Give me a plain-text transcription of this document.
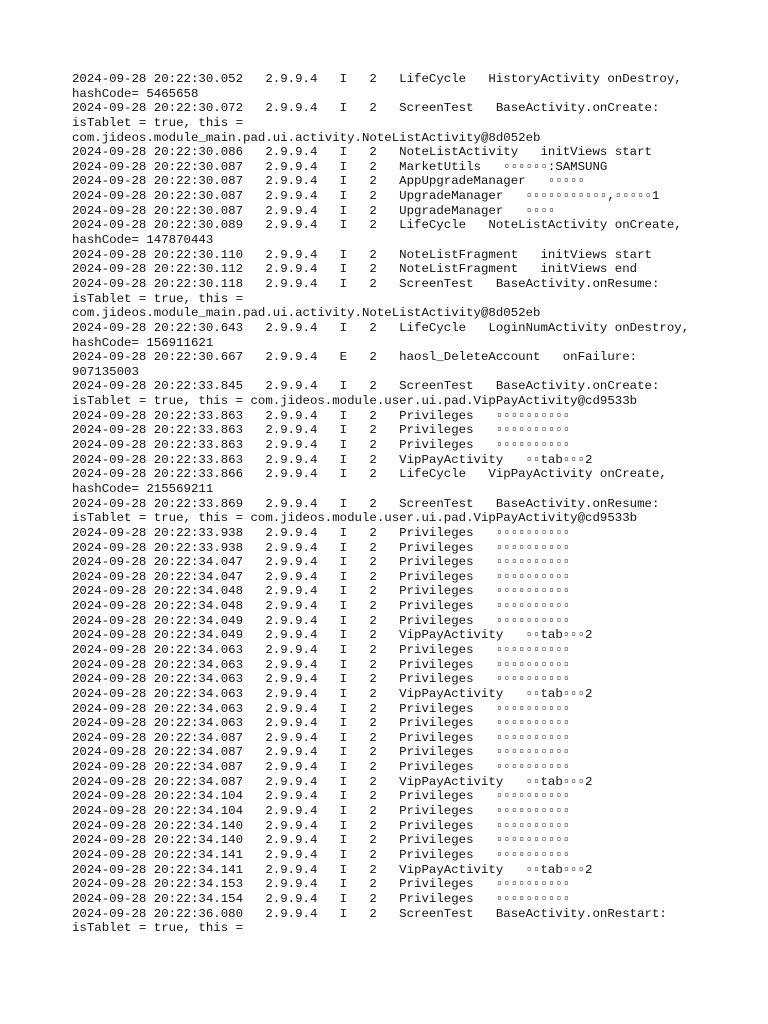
2024-09-28 20:22:30.052   2.9.9.4   I   2   LifeCycle   HistoryActivity onDestroy,
hashCode= 5465658
2024-09-28 20:22:30.072   2.9.9.4   I   2   ScreenTest   BaseActivity.onCreate:
isTablet = true, this =
com.jideos.module_main.pad.ui.activity.NoteListActivity@8d052eb
2024-09-28 20:22:30.086   2.9.9.4   I   2   NoteListActivity   initViews start
2024-09-28 20:22:30.087   2.9.9.4   I   2   MarketUtils   ▫▫▫▫▫▫:SAMSUNG
2024-09-28 20:22:30.087   2.9.9.4   I   2   AppUpgradeManager   ▫▫▫▫▫
2024-09-28 20:22:30.087   2.9.9.4   I   2   UpgradeManager   ▫▫▫▫▫▫▫▫▫▫▫,▫▫▫▫▫1
2024-09-28 20:22:30.087   2.9.9.4   I   2   UpgradeManager   ▫▫▫▫
2024-09-28 20:22:30.089   2.9.9.4   I   2   LifeCycle   NoteListActivity onCreate,
hashCode= 147870443
2024-09-28 20:22:30.110   2.9.9.4   I   2   NoteListFragment   initViews start
2024-09-28 20:22:30.112   2.9.9.4   I   2   NoteListFragment   initViews end
2024-09-28 20:22:30.118   2.9.9.4   I   2   ScreenTest   BaseActivity.onResume:
isTablet = true, this =
com.jideos.module_main.pad.ui.activity.NoteListActivity@8d052eb
2024-09-28 20:22:30.643   2.9.9.4   I   2   LifeCycle   LoginNumActivity onDestroy,
hashCode= 156911621
2024-09-28 20:22:30.667   2.9.9.4   E   2   haosl_DeleteAccount   onFailure:
907135003
2024-09-28 20:22:33.845   2.9.9.4   I   2   ScreenTest   BaseActivity.onCreate:
isTablet = true, this = com.jideos.module.user.ui.pad.VipPayActivity@cd9533b
2024-09-28 20:22:33.863   2.9.9.4   I   2   Privileges   ▫▫▫▫▫▫▫▫▫▫
2024-09-28 20:22:33.863   2.9.9.4   I   2   Privileges   ▫▫▫▫▫▫▫▫▫▫
2024-09-28 20:22:33.863   2.9.9.4   I   2   Privileges   ▫▫▫▫▫▫▫▫▫▫
2024-09-28 20:22:33.863   2.9.9.4   I   2   VipPayActivity   ▫▫tab▫▫▫2
2024-09-28 20:22:33.866   2.9.9.4   I   2   LifeCycle   VipPayActivity onCreate,
hashCode= 215569211
2024-09-28 20:22:33.869   2.9.9.4   I   2   ScreenTest   BaseActivity.onResume:
isTablet = true, this = com.jideos.module.user.ui.pad.VipPayActivity@cd9533b
2024-09-28 20:22:33.938   2.9.9.4   I   2   Privileges   ▫▫▫▫▫▫▫▫▫▫
2024-09-28 20:22:33.938   2.9.9.4   I   2   Privileges   ▫▫▫▫▫▫▫▫▫▫
2024-09-28 20:22:34.047   2.9.9.4   I   2   Privileges   ▫▫▫▫▫▫▫▫▫▫
2024-09-28 20:22:34.047   2.9.9.4   I   2   Privileges   ▫▫▫▫▫▫▫▫▫▫
2024-09-28 20:22:34.048   2.9.9.4   I   2   Privileges   ▫▫▫▫▫▫▫▫▫▫
2024-09-28 20:22:34.048   2.9.9.4   I   2   Privileges   ▫▫▫▫▫▫▫▫▫▫
2024-09-28 20:22:34.049   2.9.9.4   I   2   Privileges   ▫▫▫▫▫▫▫▫▫▫
2024-09-28 20:22:34.049   2.9.9.4   I   2   VipPayActivity   ▫▫tab▫▫▫2
2024-09-28 20:22:34.063   2.9.9.4   I   2   Privileges   ▫▫▫▫▫▫▫▫▫▫
2024-09-28 20:22:34.063   2.9.9.4   I   2   Privileges   ▫▫▫▫▫▫▫▫▫▫
2024-09-28 20:22:34.063   2.9.9.4   I   2   Privileges   ▫▫▫▫▫▫▫▫▫▫
2024-09-28 20:22:34.063   2.9.9.4   I   2   VipPayActivity   ▫▫tab▫▫▫2
2024-09-28 20:22:34.063   2.9.9.4   I   2   Privileges   ▫▫▫▫▫▫▫▫▫▫
2024-09-28 20:22:34.063   2.9.9.4   I   2   Privileges   ▫▫▫▫▫▫▫▫▫▫
2024-09-28 20:22:34.087   2.9.9.4   I   2   Privileges   ▫▫▫▫▫▫▫▫▫▫
2024-09-28 20:22:34.087   2.9.9.4   I   2   Privileges   ▫▫▫▫▫▫▫▫▫▫
2024-09-28 20:22:34.087   2.9.9.4   I   2   Privileges   ▫▫▫▫▫▫▫▫▫▫
2024-09-28 20:22:34.087   2.9.9.4   I   2   VipPayActivity   ▫▫tab▫▫▫2
2024-09-28 20:22:34.104   2.9.9.4   I   2   Privileges   ▫▫▫▫▫▫▫▫▫▫
2024-09-28 20:22:34.104   2.9.9.4   I   2   Privileges   ▫▫▫▫▫▫▫▫▫▫
2024-09-28 20:22:34.140   2.9.9.4   I   2   Privileges   ▫▫▫▫▫▫▫▫▫▫
2024-09-28 20:22:34.140   2.9.9.4   I   2   Privileges   ▫▫▫▫▫▫▫▫▫▫
2024-09-28 20:22:34.141   2.9.9.4   I   2   Privileges   ▫▫▫▫▫▫▫▫▫▫
2024-09-28 20:22:34.141   2.9.9.4   I   2   VipPayActivity   ▫▫tab▫▫▫2
2024-09-28 20:22:34.153   2.9.9.4   I   2   Privileges   ▫▫▫▫▫▫▫▫▫▫
2024-09-28 20:22:34.154   2.9.9.4   I   2   Privileges   ▫▫▫▫▫▫▫▫▫▫
2024-09-28 20:22:36.080   2.9.9.4   I   2   ScreenTest   BaseActivity.onRestart:
isTablet = true, this =
